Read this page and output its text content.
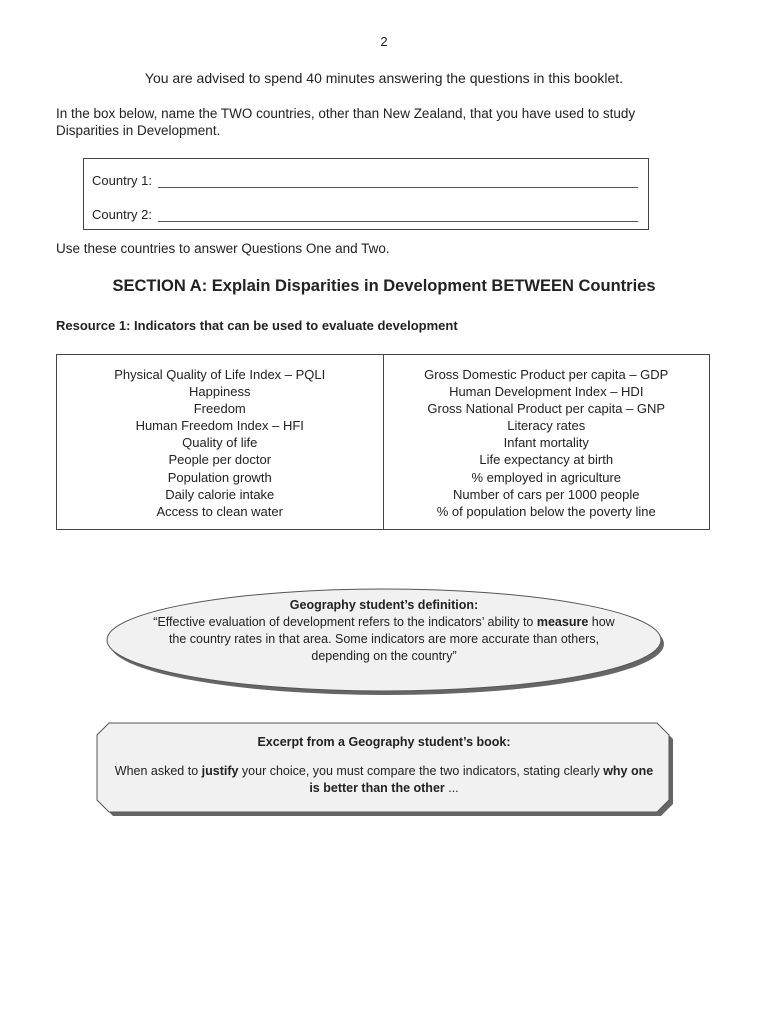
2
You are advised to spend 40 minutes answering the questions in this booklet.
In the box below, name the TWO countries, other than New Zealand, that you have used to study Disparities in Development.
Country 1:
Country 2:
Use these countries to answer Questions One and Two.
SECTION A: Explain Disparities in Development BETWEEN Countries
Resource 1: Indicators that can be used to evaluate development
Physical Quality of Life Index – PQLI
Happiness
Freedom
Human Freedom Index – HFI
Quality of life
People per doctor
Population growth
Daily calorie intake
Access to clean water
Gross Domestic Product per capita – GDP
Human Development Index – HDI
Gross National Product per capita – GNP
Literacy rates
Infant mortality
Life expectancy at birth
% employed in agriculture
Number of cars per 1000 people
% of population below the poverty line
Geography student’s definition:
“Effective evaluation of development refers to the indicators’ ability to measure how the country rates in that area. Some indicators are more accurate than others, depending on the country”
Excerpt from a Geography student’s book:
When asked to justify your choice, you must compare the two indicators, stating clearly why one is better than the other ...
